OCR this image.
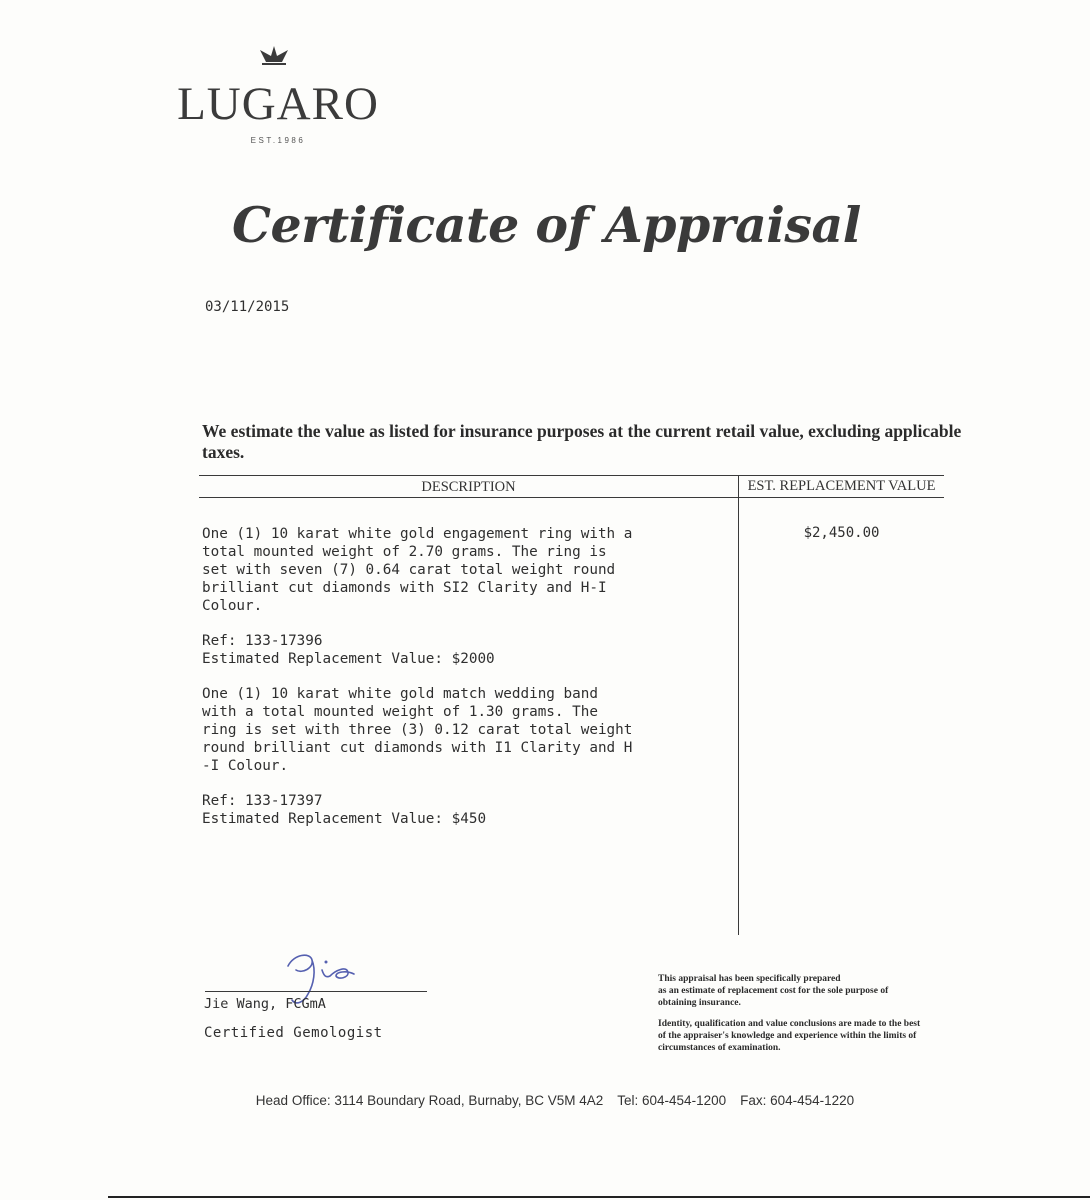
LUGARO
EST.1986
Certificate of Appraisal
03/11/2015
We estimate the value as listed for insurance purposes at the current retail value, excluding applicable taxes.
DESCRIPTION	EST. REPLACEMENT VALUE
One (1) 10 karat white gold engagement ring with a
total mounted weight of 2.70 grams. The ring is
set with seven (7) 0.64 carat total weight round
brilliant cut diamonds with SI2 Clarity and H-I
Colour.
Ref: 133-17396
Estimated Replacement Value: $2000
One (1) 10 karat white gold match wedding band
with a total mounted weight of 1.30 grams. The
ring is set with three (3) 0.12 carat total weight
round brilliant cut diamonds with I1 Clarity and H
-I Colour.
Ref: 133-17397
Estimated Replacement Value: $450
$2,450.00
Jie Wang, FCGmA
Certified Gemologist
This appraisal has been specifically prepared
as an estimate of replacement cost for the sole purpose of
obtaining insurance.
Identity, qualification and value conclusions are made to the best
of the appraiser's knowledge and experience within the limits of
circumstances of examination.
Head Office: 3114 Boundary Road, Burnaby, BC V5M 4A2 Tel: 604-454-1200 Fax: 604-454-1220
